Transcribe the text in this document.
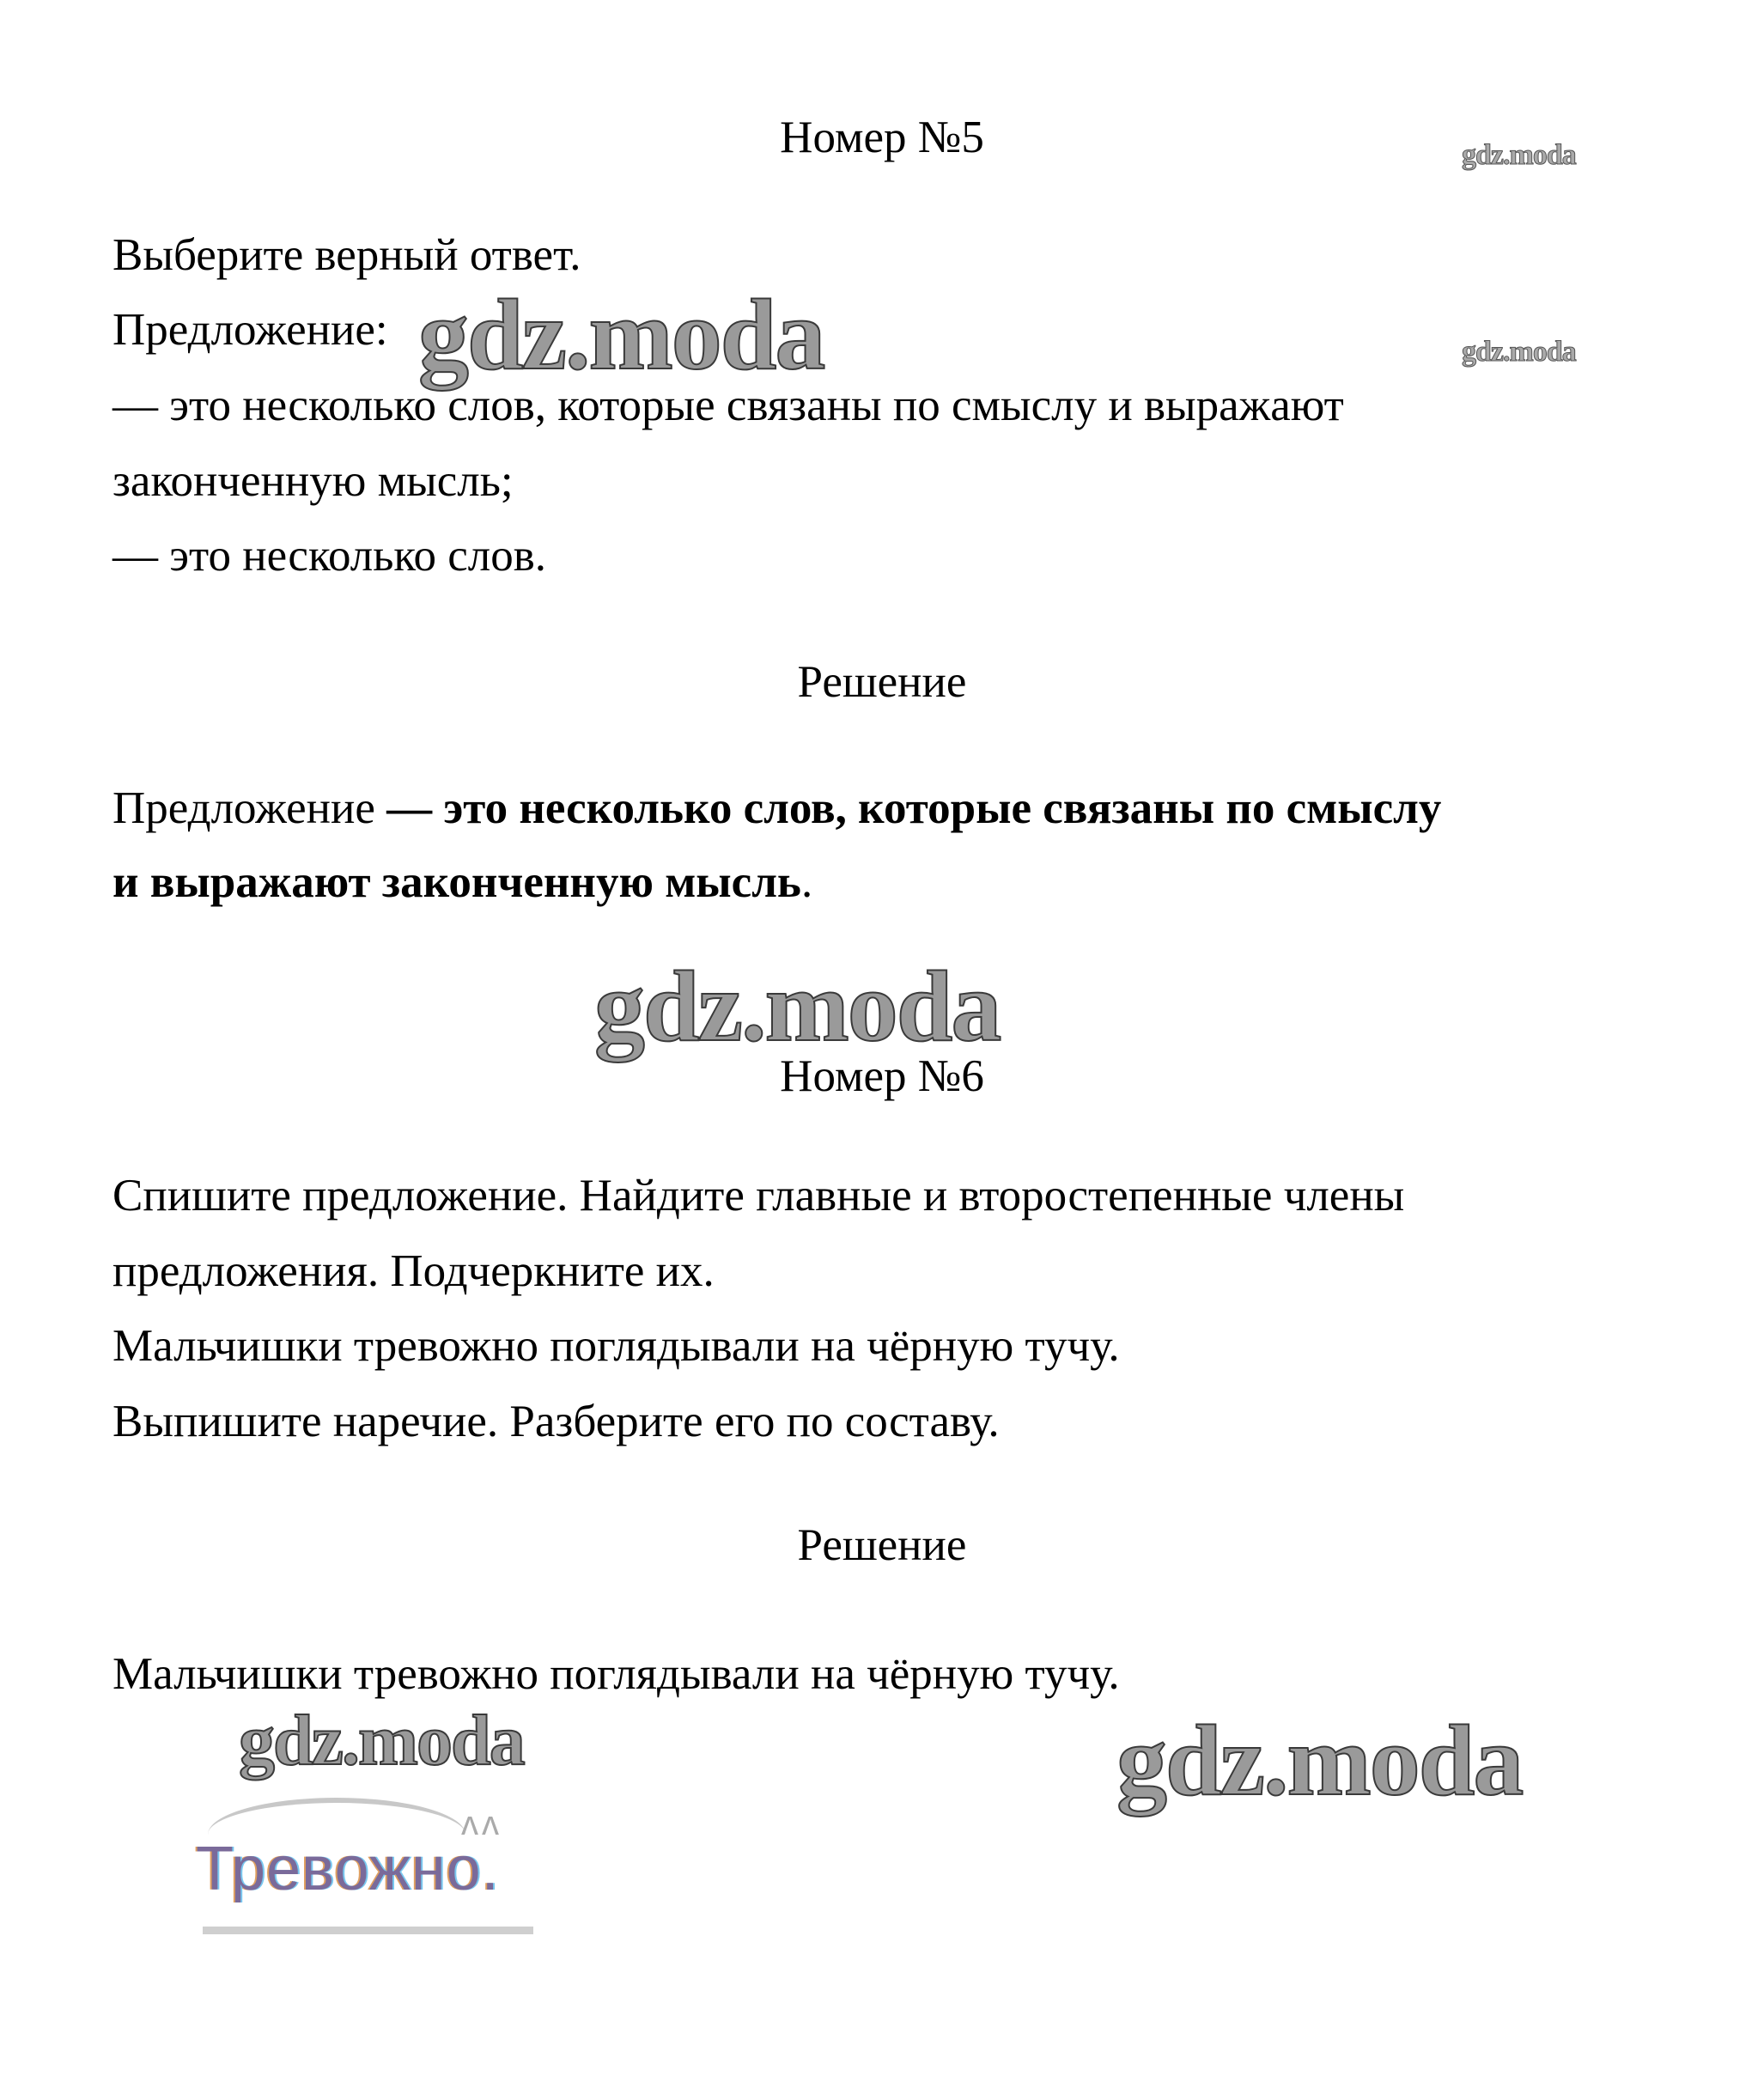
Номер №5	gdz.moda
Выберите верный ответ.
Предложение: gdz.moda	gdz.moda
— это несколько слов, которые связаны по смыслу и выражают
законченную мысль;
— это несколько слов.
Решение
Предложение — это несколько слов, которые связаны по смыслу
и выражают законченную мысль.
gdz.moda
Номер №6
Спишите предложение. Найдите главные и второстепенные члены
предложения. Подчеркните их.
Мальчишки тревожно поглядывали на чёрную тучу.
Выпишите наречие. Разберите его по составу.
Решение
Мальчишки тревожно поглядывали на чёрную тучу.
gdz.moda	gdz.moda
ʌʌ
Тревожно.
